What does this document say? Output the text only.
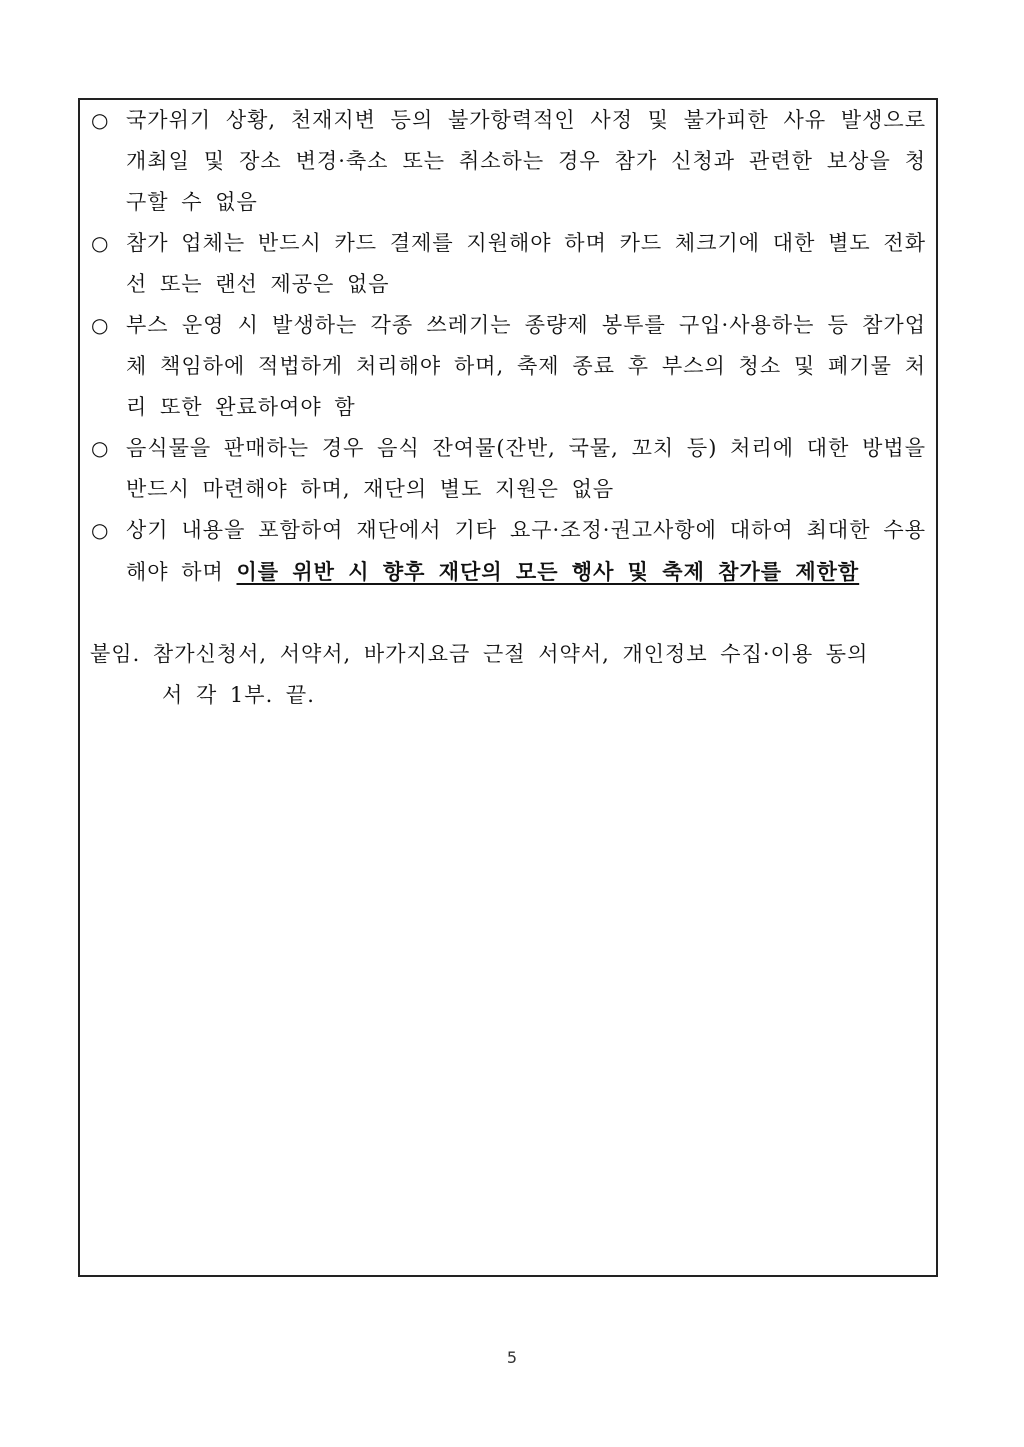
○ 국가위기 상황, 천재지변 등의 불가항력적인 사정 및 불가피한 사유 발생으로 개최일 및 장소 변경·축소 또는 취소하는 경우 참가 신청과 관련한 보상을 청구할 수 없음
○ 참가 업체는 반드시 카드 결제를 지원해야 하며 카드 체크기에 대한 별도 전화선 또는 랜선 제공은 없음
○ 부스 운영 시 발생하는 각종 쓰레기는 종량제 봉투를 구입·사용하는 등 참가업체 책임하에 적법하게 처리해야 하며, 축제 종료 후 부스의 청소 및 폐기물 처리 또한 완료하여야 함
○ 음식물을 판매하는 경우 음식 잔여물(잔반, 국물, 꼬치 등) 처리에 대한 방법을 반드시 마련해야 하며, 재단의 별도 지원은 없음
○ 상기 내용을 포함하여 재단에서 기타 요구·조정·권고사항에 대하여 최대한 수용해야 하며 이를 위반 시 향후 재단의 모든 행사 및 축제 참가를 제한함
붙임. 참가신청서, 서약서, 바가지요금 근절 서약서, 개인정보 수집·이용 동의
서 각 1부. 끝.
5
